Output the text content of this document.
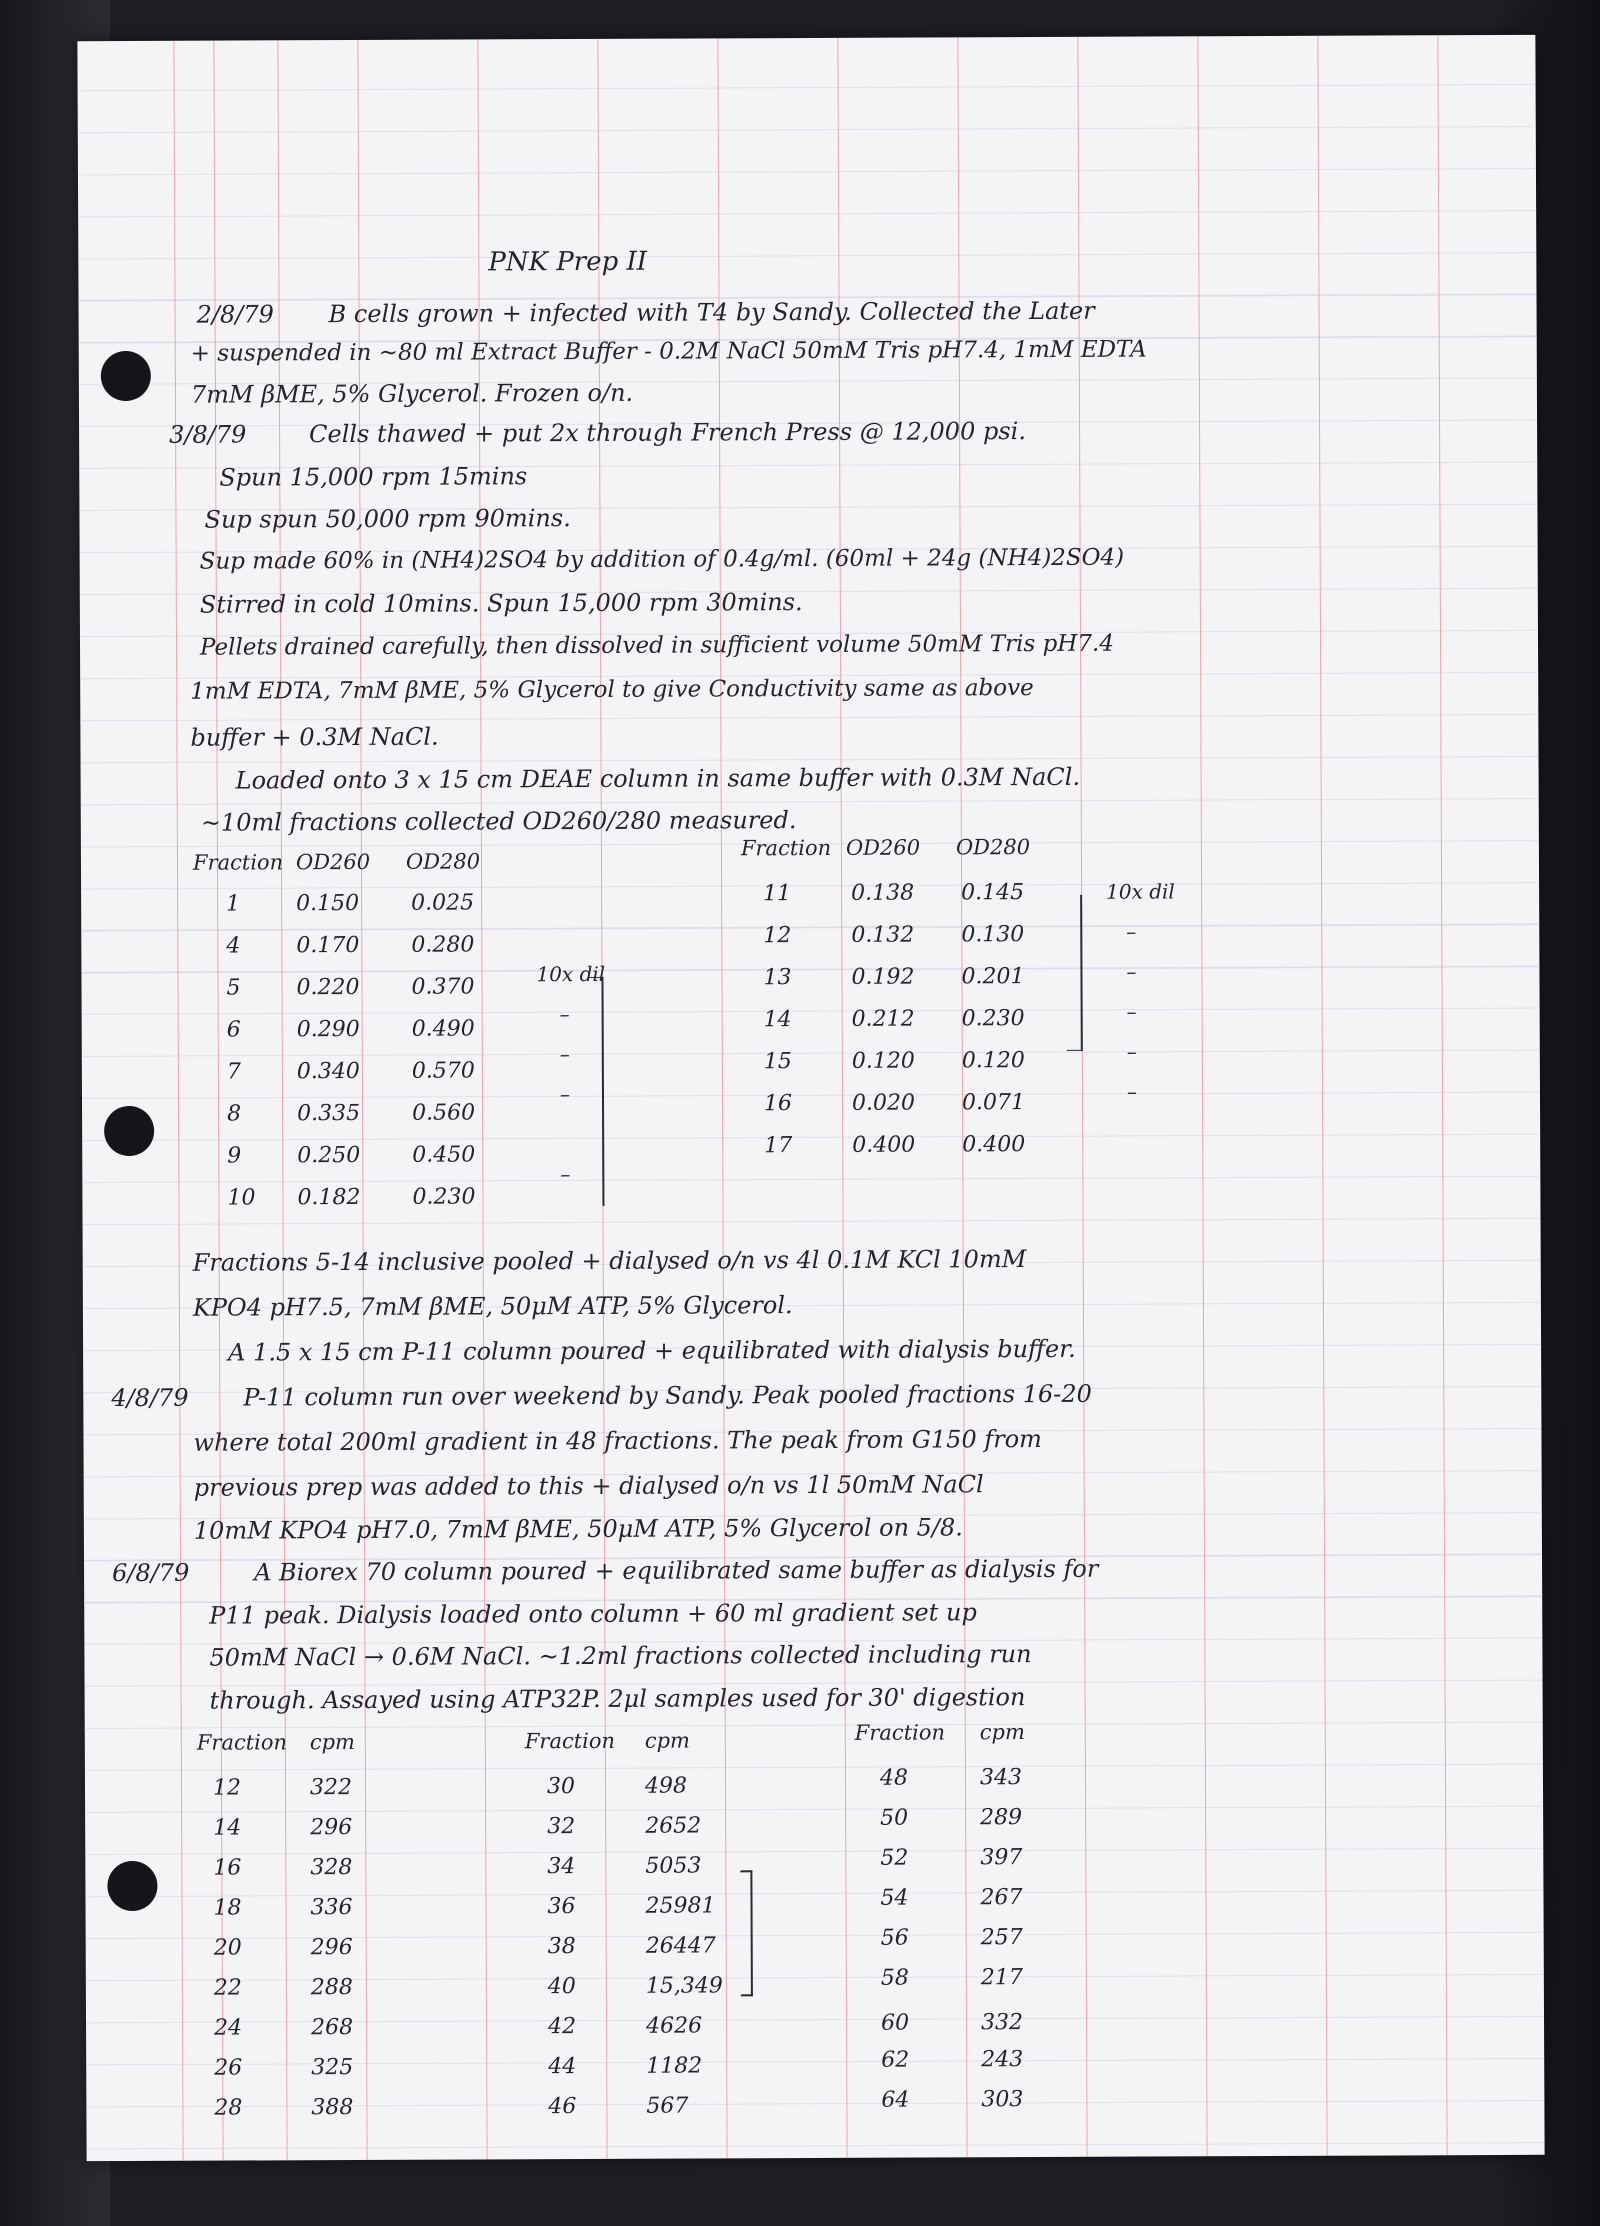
PNK Prep II
2/8/79 B cells grown + infected with T4 by Sandy. Collected the Later
+ suspended in ~80 ml Extract Buffer - 0.2M NaCl 50mM Tris pH7.4, 1mM EDTA
7mM βME, 5% Glycerol. Frozen o/n.
3/8/79	Cells thawed + put 2x through French Press @ 12,000 psi.
Spun 15,000 rpm 15mins
Sup spun 50,000 rpm 90mins.
Sup made 60% in (NH4)2SO4 by addition of 0.4g/ml. (60ml + 24g (NH4)2SO4)
Stirred in cold 10mins. Spun 15,000 rpm 30mins.
Pellets drained carefully, then dissolved in sufficient volume 50mM Tris pH7.4
1mM EDTA, 7mM βME, 5% Glycerol to give Conductivity same as above
buffer + 0.3M NaCl.
Loaded onto 3 x 15 cm DEAE column in same buffer with 0.3M NaCl.
~10ml fractions collected OD260/280 measured.
Fraction OD260 OD280
1	0.150 0.025
4	0.170 0.280
5	0.220 0.370
6	0.290 0.490
7	0.340 0.570
8	0.335 0.560
9	0.250 0.450
10 0.182 0.230
10x dil
–
–
–
–
Fraction OD260 OD280
11	0.138 0.145
12	0.132 0.130
13	0.192 0.201
14	0.212 0.230
15	0.120 0.120
16	0.020 0.071
17	0.400 0.400
10x dil
–
–
–
–
–
Fractions 5-14 inclusive pooled + dialysed o/n vs 4l 0.1M KCl 10mM
KPO4 pH7.5, 7mM βME, 50μM ATP, 5% Glycerol.
A 1.5 x 15 cm P-11 column poured + equilibrated with dialysis buffer.
4/8/79 P-11 column run over weekend by Sandy. Peak pooled fractions 16-20
where total 200ml gradient in 48 fractions. The peak from G150 from
previous prep was added to this + dialysed o/n vs 1l 50mM NaCl
10mM KPO4 pH7.0, 7mM βME, 50μM ATP, 5% Glycerol on 5/8.
6/8/79	A Biorex 70 column poured + equilibrated same buffer as dialysis for
P11 peak. Dialysis loaded onto column + 60 ml gradient set up
50mM NaCl → 0.6M NaCl. ~1.2ml fractions collected including run
through. Assayed using ATP32P. 2μl samples used for 30' digestion
Fraction cpm
12	322
14	296
16	328
18	336
20	296
22	288
24	268
26	325
28	388
Fraction cpm
30	498
32	2652
34	5053
36	25981
38	26447
40	15,349
42	4626
44	1182
46	567
Fraction cpm
48	343
50	289
52	397
54	267
56	257
58	217
60	332
62	243
64	303
